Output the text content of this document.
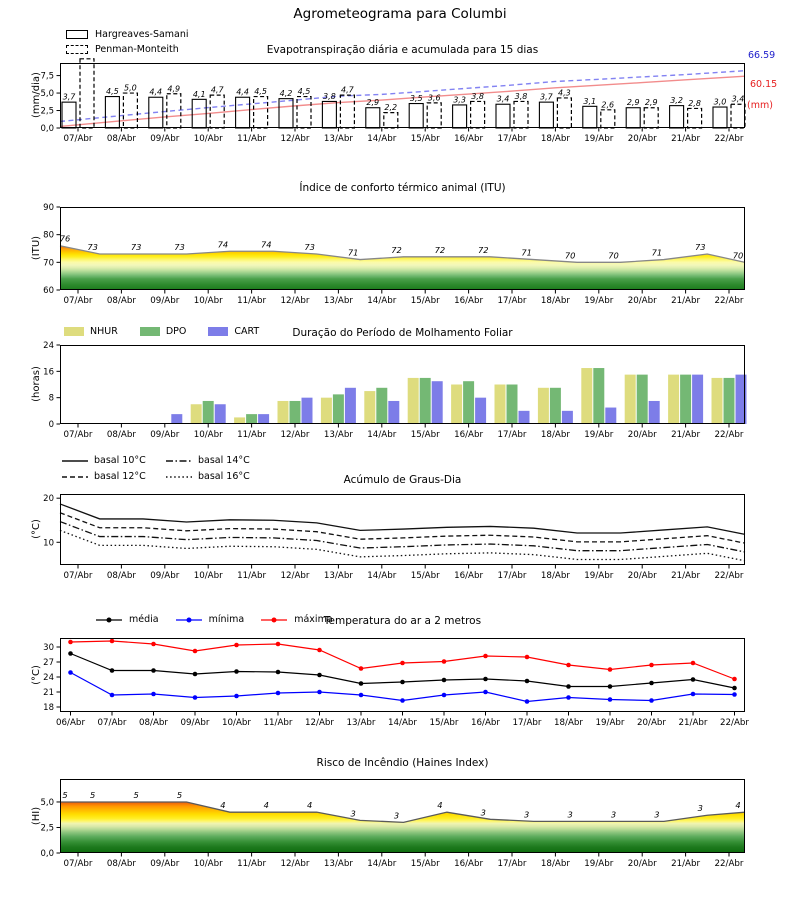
Agrometeograma para Columbi
Hargreaves-Samani
Penman-Monteith	Evapotranspiração diária e acumulada para 15 dias
(mm/dia)	3,7
4,5 5,0 4,4 4,9
4,1 4,7 4,4 4,5 4,2 4,5
3,8
4,7
2,9
2,2
3,5 3,6 3,3 3,8 3,4 3,8 3,7 4,3
3,1 2,6 2,9 2,9 3,2 2,8 3,0 3,4
07/Abr 08/Abr 09/Abr 10/Abr 11/Abr 12/Abr 13/Abr 14/Abr 15/Abr 16/Abr 17/Abr 18/Abr 19/Abr 20/Abr 21/Abr 22/Abr
0,0
2,5
5,0
7,5
66.59
60.15
(mm)
Índice de conforto térmico animal (ITU)
(ITU)	76
73	73	73	74	74	73
71	72	72	72	71	70	70	71
73
70
07/Abr 08/Abr 09/Abr 10/Abr 11/Abr 12/Abr 13/Abr 14/Abr 15/Abr 16/Abr 17/Abr 18/Abr 19/Abr 20/Abr 21/Abr 22/Abr
60
70
80
90
NHUR	DPO	CART	Duração do Período de Molhamento Foliar
(horas)
07/Abr 08/Abr 09/Abr 10/Abr 11/Abr 12/Abr 13/Abr 14/Abr 15/Abr 16/Abr 17/Abr 18/Abr 19/Abr 20/Abr 21/Abr 22/Abr
0
8
16
24
basal 10°C	basal 14°C
basal 12°C	basal 16°C	Acúmulo de Graus-Dia
(°C)
07/Abr 08/Abr 09/Abr 10/Abr 11/Abr 12/Abr 13/Abr 14/Abr 15/Abr 16/Abr 17/Abr 18/Abr 19/Abr 20/Abr 21/Abr 22/Abr
10
20
média	mínima	máxima
Temperatura do ar a 2 metros
(°C)
06/Abr 07/Abr 08/Abr 09/Abr 10/Abr 11/Abr 12/Abr 13/Abr 14/Abr 15/Abr 16/Abr 17/Abr 18/Abr 19/Abr 20/Abr 21/Abr 22/Abr
18
21
24
27
30
Risco de Incêndio (Haines Index)
(HI)
5	5	5	5
4	4	4
3	3
4
3	3	3	3	3
3	4
07/Abr 08/Abr 09/Abr 10/Abr 11/Abr 12/Abr 13/Abr 14/Abr 15/Abr 16/Abr 17/Abr 18/Abr 19/Abr 20/Abr 21/Abr 22/Abr
0,0
2,5
5,0
